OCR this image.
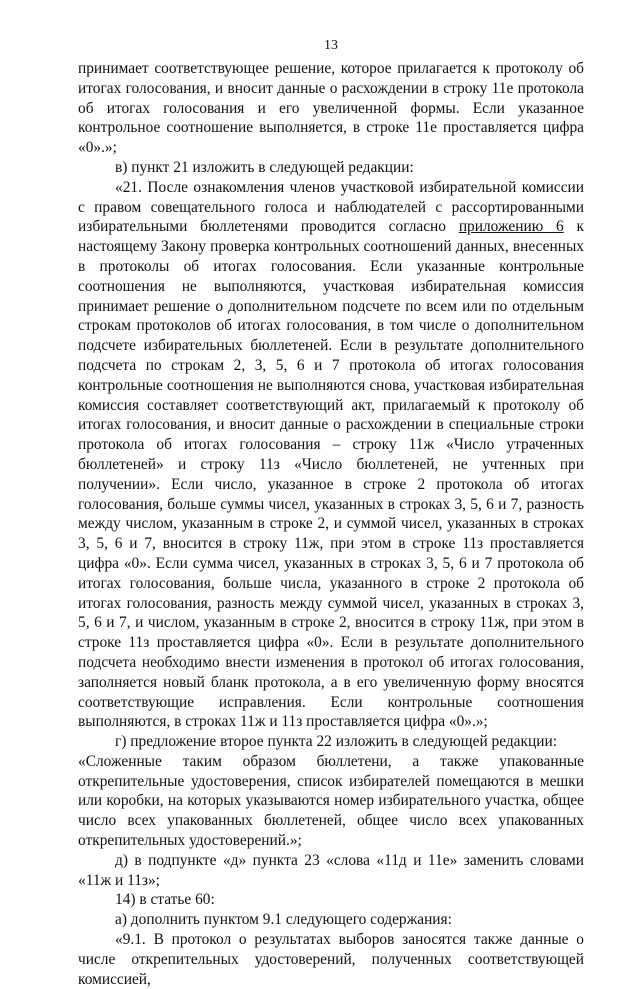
13

принимает соответствующее решение, которое прилагается к протоколу об итогах голосования, и вносит данные о расхождении в строку 11е протокола об итогах голосования и его увеличенной формы. Если указанное контрольное соотношение выполняется, в строке 11е проставляется цифра «0».»;

в) пункт 21 изложить в следующей редакции:

«21. После ознакомления членов участковой избирательной комиссии с правом совещательного голоса и наблюдателей с рассортированными избирательными бюллетенями проводится согласно приложению 6 к настоящему Закону проверка контрольных соотношений данных, внесенных в протоколы об итогах голосования. Если указанные контрольные соотношения не выполняются, участковая избирательная комиссия принимает решение о дополнительном подсчете по всем или по отдельным строкам протоколов об итогах голосования, в том числе о дополнительном подсчете избирательных бюллетеней. Если в результате дополнительного подсчета по строкам 2, 3, 5, 6 и 7 протокола об итогах голосования контрольные соотношения не выполняются снова, участковая избирательная комиссия составляет соответствующий акт, прилагаемый к протоколу об итогах голосования, и вносит данные о расхождении в специальные строки протокола об итогах голосования – строку 11ж «Число утраченных бюллетеней» и строку 11з «Число бюллетеней, не учтенных при получении». Если число, указанное в строке 2 протокола об итогах голосования, больше суммы чисел, указанных в строках 3, 5, 6 и 7, разность между числом, указанным в строке 2, и суммой чисел, указанных в строках 3, 5, 6 и 7, вносится в строку 11ж, при этом в строке 11з проставляется цифра «0». Если сумма чисел, указанных в строках 3, 5, 6 и 7 протокола об итогах голосования, больше числа, указанного в строке 2 протокола об итогах голосования, разность между суммой чисел, указанных в строках 3, 5, 6 и 7, и числом, указанным в строке 2, вносится в строку 11ж, при этом в строке 11з проставляется цифра «0». Если в результате дополнительного подсчета необходимо внести изменения в протокол об итогах голосования, заполняется новый бланк протокола, а в его увеличенную форму вносятся соответствующие исправления. Если контрольные соотношения выполняются, в строках 11ж и 11з проставляется цифра «0».»;

г) предложение второе пункта 22 изложить в следующей редакции:

«Сложенные таким образом бюллетени, а также упакованные открепительные удостоверения, список избирателей помещаются в мешки или коробки, на которых указываются номер избирательного участка, общее число всех упакованных бюллетеней, общее число всех упакованных открепительных удостоверений.»;

д) в подпункте «д» пункта 23 «слова «11д и 11е» заменить словами «11ж и 11з»;

14) в статье 60:

а) дополнить пунктом 9.1 следующего содержания:

«9.1. В протокол о результатах выборов заносятся также данные о числе открепительных удостоверений, полученных соответствующей комиссией,
